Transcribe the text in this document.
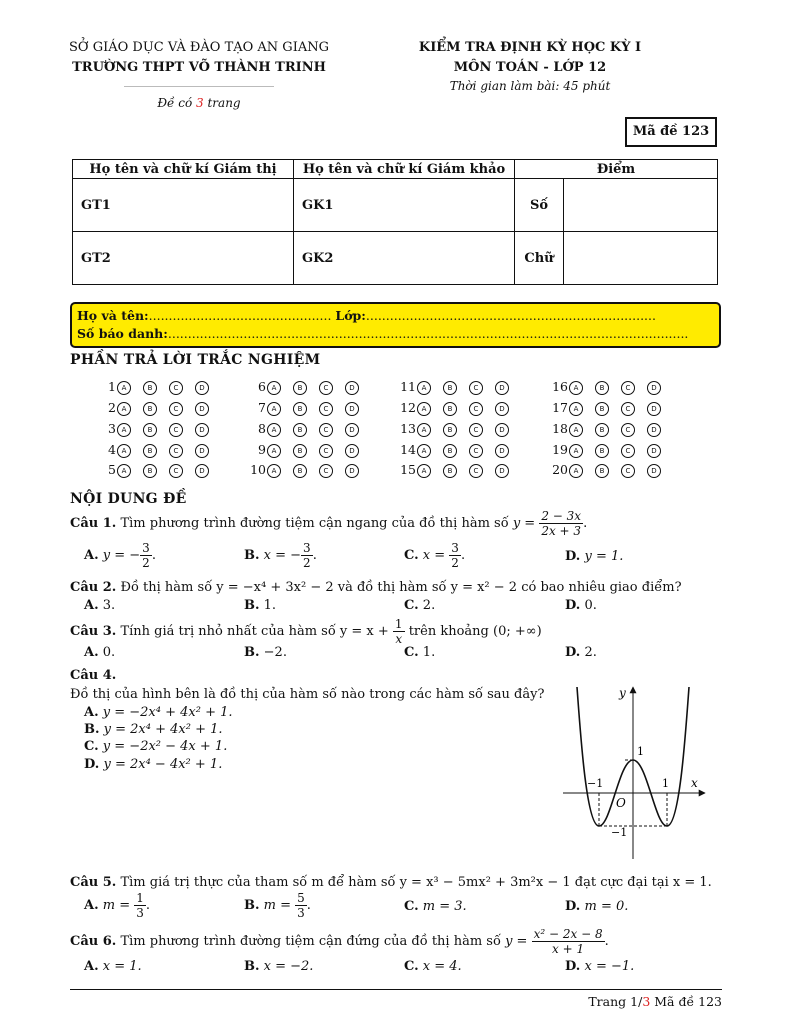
SỞ GIÁO DỤC VÀ ĐÀO TẠO AN GIANG
TRƯỜNG THPT VÕ THÀNH TRINH
Đề có 3 trang
KIỂM TRA ĐỊNH KỲ HỌC KỲ I
MÔN TOÁN - LỚP 12
Thời gian làm bài: 45 phút
Mã đề 123
Họ tên và chữ kí Giám thị	Họ tên và chữ kí Giám khảo	Điểm	
GT1	GK1	Số	
GT2	GK2	Chữ	
Họ và tên:.............................................. Lớp:.........................................................................
Số báo danh:...................................................................................................................................
PHẦN TRẢ LỜI TRẮC NGHIỆM
1 A	B	C	D
2 A	B	C	D
3 A	B	C	D
4 A	B	C	D
5 A	B	C	D
6 A	B	C	D
7 A	B	C	D
8 A	B	C	D
9 A	B	C	D
10 A	B	C	D
11 A	B	C	D
12 A	B	C	D
13 A	B	C	D
14 A	B	C	D
15 A	B	C	D
16 A	B	C	D
17 A	B	C	D
18 A	B	C	D
19 A	B	C	D
20 A	B	C	D
NỘI DUNG ĐỀ
Câu 1. Tìm phương trình đường tiệm cận ngang của đồ thị hàm số $y = \frac{2 - 3x}{2x + 3}$ .
A. y = − $\frac{3}{2}$ .	B. x = − $\frac{3}{2}$ .	C. $x = \frac{3}{2}$ .	D. y = 1.
Câu 2. Đồ thị hàm số y = −x⁴ + 3x² − 2 và đồ thị hàm số y = x² − 2 có bao nhiêu giao điểm?
A. 3.	B. 1.	C. 2.	D. 0.
Câu 3. Tính giá trị nhỏ nhất của hàm số $y = x + \frac{1}{x}$ trên khoảng (0; +∞)
A. 0.	B. −2.	C. 1.	D. 2.
Câu 4.
Đồ thị của hình bên là đồ thị của hàm số nào trong các hàm số sau đây?
A. y = −2x⁴ + 4x² + 1.
B. y = 2x⁴ + 4x² + 1.
C. y = −2x² − 4x + 1.
D. y = 2x⁴ − 4x² + 1.
y
x
1
−1	1
O
−1
Câu 5. Tìm giá trị thực của tham số m để hàm số y = x³ − 5mx² + 3m²x − 1 đạt cực đại tại x = 1.
A. $m = \frac{1}{3}$ .	B. $m = \frac{5}{3}$ .	C. m = 3.	D. m = 0.
Câu 6. Tìm phương trình đường tiệm cận đứng của đồ thị hàm số $y = \frac{\text{x² − 2x − 8}}{x + 1}$ .
A. x = 1.	B. x = −2.	C. x = 4.	D. x = −1.
Trang 1/3 Mã đề 123
